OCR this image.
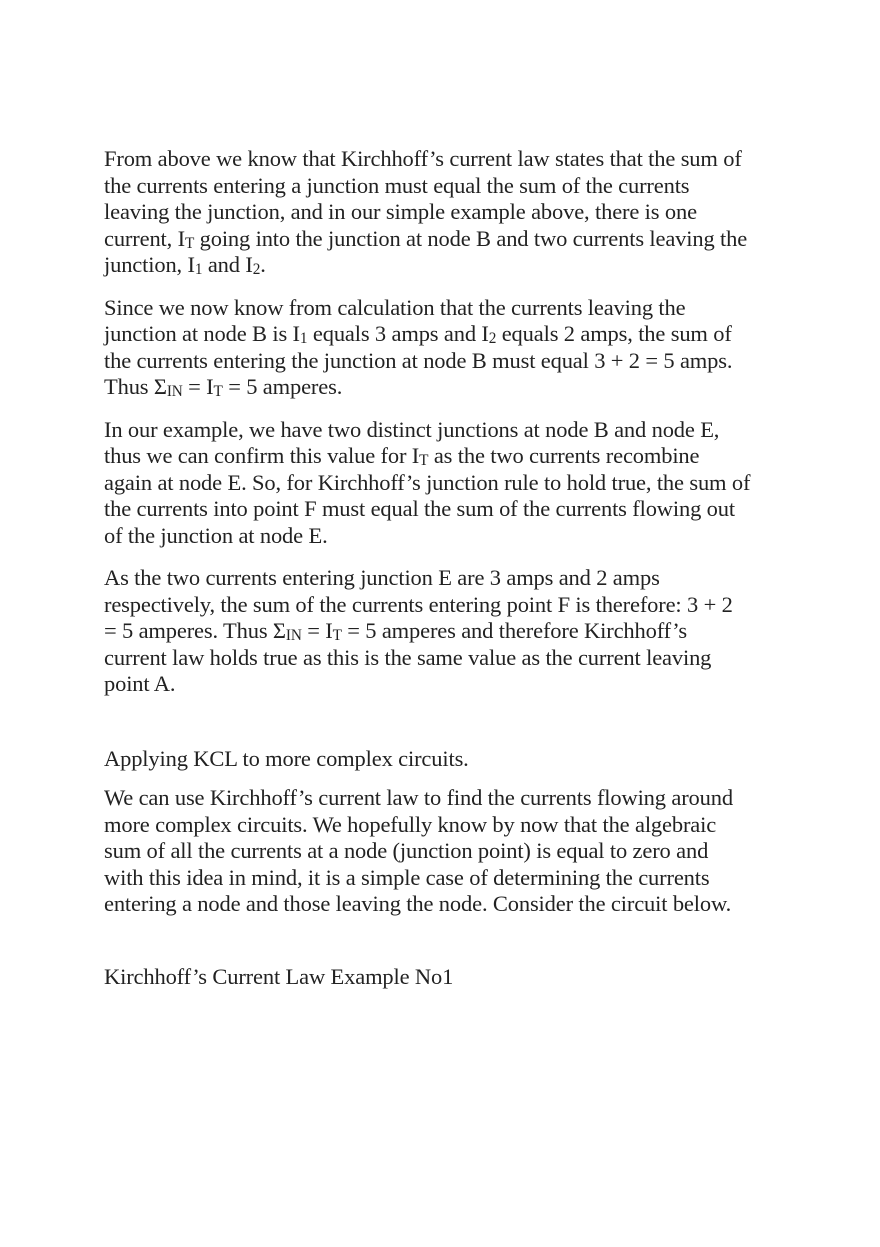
From above we know that Kirchhoff’s current law states that the sum of
the currents entering a junction must equal the sum of the currents
leaving the junction, and in our simple example above, there is one
current, $I_T$ going into the junction at node B and two currents leaving the
junction, $I_1$ and $I_2$.

Since we now know from calculation that the currents leaving the
junction at node B is $I_1$ equals 3 amps and $I_2$ equals 2 amps, the sum of
the currents entering the junction at node B must equal 3 + 2 = 5 amps.
Thus $\Sigma_{IN} = I_T = 5$ amperes.

In our example, we have two distinct junctions at node B and node E,
thus we can confirm this value for $I_T$ as the two currents recombine
again at node E. So, for Kirchhoff’s junction rule to hold true, the sum of
the currents into point F must equal the sum of the currents flowing out
of the junction at node E.

As the two currents entering junction E are 3 amps and 2 amps
respectively, the sum of the currents entering point F is therefore: 3 + 2
= 5 amperes. Thus $\Sigma_{IN} = I_T = 5$ amperes and therefore Kirchhoff’s
current law holds true as this is the same value as the current leaving
point A.

Applying KCL to more complex circuits.

We can use Kirchhoff’s current law to find the currents flowing around
more complex circuits. We hopefully know by now that the algebraic
sum of all the currents at a node (junction point) is equal to zero and
with this idea in mind, it is a simple case of determining the currents
entering a node and those leaving the node. Consider the circuit below.

Kirchhoff’s Current Law Example No1
